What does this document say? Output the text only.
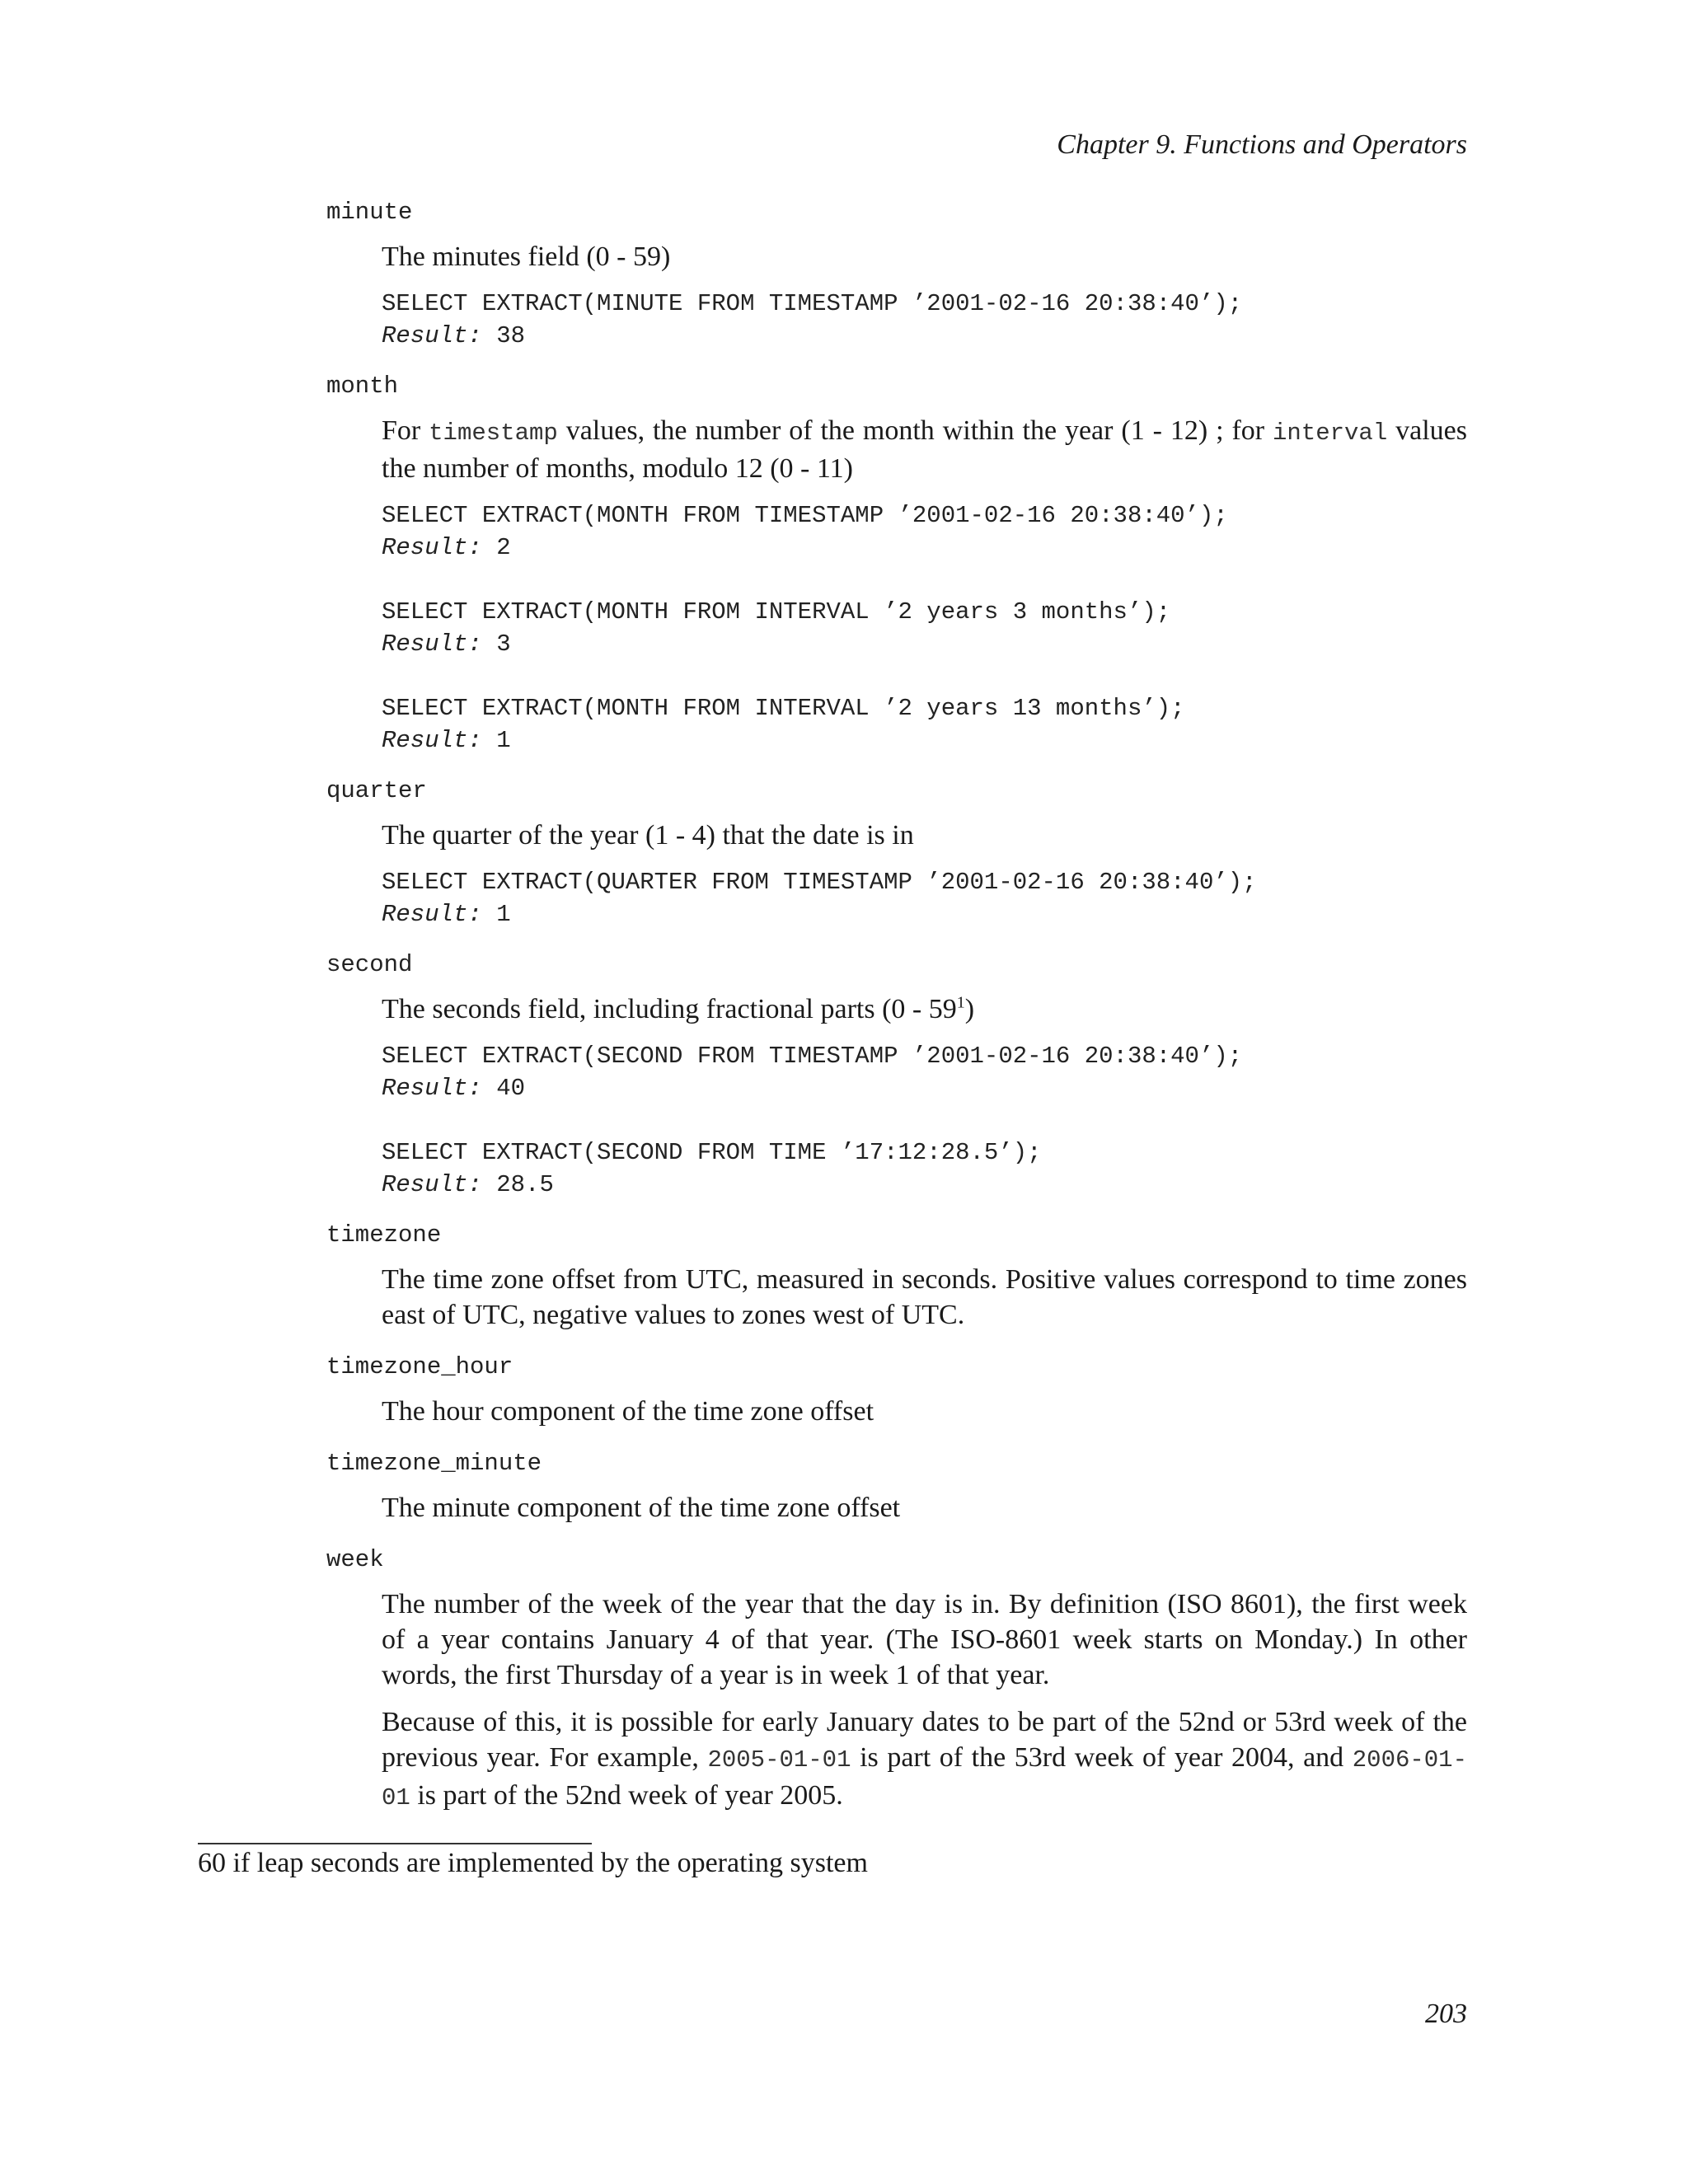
Chapter 9. Functions and Operators

minute

The minutes field (0 - 59)

SELECT EXTRACT(MINUTE FROM TIMESTAMP ’2001-02-16 20:38:40’);
Result: 38

month

For timestamp values, the number of the month within the year (1 - 12) ; for interval values the number of months, modulo 12 (0 - 11)

SELECT EXTRACT(MONTH FROM TIMESTAMP ’2001-02-16 20:38:40’);
Result: 2

SELECT EXTRACT(MONTH FROM INTERVAL ’2 years 3 months’);
Result: 3

SELECT EXTRACT(MONTH FROM INTERVAL ’2 years 13 months’);
Result: 1

quarter

The quarter of the year (1 - 4) that the date is in

SELECT EXTRACT(QUARTER FROM TIMESTAMP ’2001-02-16 20:38:40’);
Result: 1

second

The seconds field, including fractional parts $(0 - 59^1)$

SELECT EXTRACT(SECOND FROM TIMESTAMP ’2001-02-16 20:38:40’);
Result: 40

SELECT EXTRACT(SECOND FROM TIME ’17:12:28.5’);
Result: 28.5

timezone

The time zone offset from UTC, measured in seconds. Positive values correspond to time zones east of UTC, negative values to zones west of UTC.

timezone_hour

The hour component of the time zone offset

timezone_minute

The minute component of the time zone offset

week

The number of the week of the year that the day is in. By definition (ISO 8601), the first week of a year contains January 4 of that year. (The ISO-8601 week starts on Monday.) In other words, the first Thursday of a year is in week 1 of that year.

Because of this, it is possible for early January dates to be part of the 52nd or 53rd week of the previous year. For example, 2005-01-01 is part of the 53rd week of year 2004, and 2006-01-01 is part of the 52nd week of year 2005.

60 if leap seconds are implemented by the operating system
203
